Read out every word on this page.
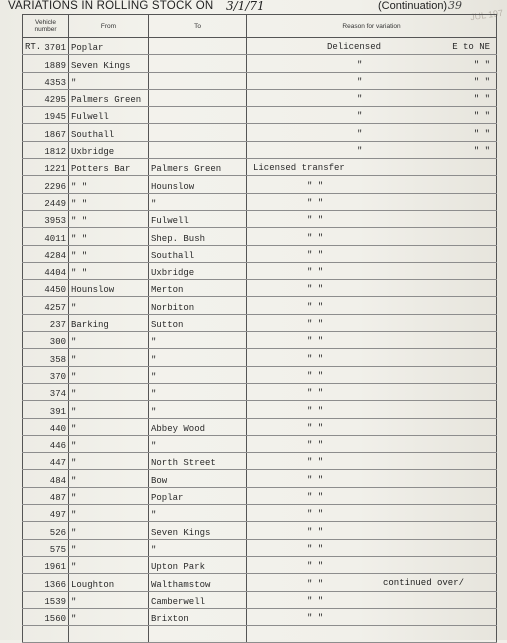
VARIATIONS IN ROLLING STOCK ON 3/1/71	(Continuation) 39
JUL 197
Vehicle number	From	To	Reason for variation

RT. 3701	Poplar		Delicensed E to NE

1889	Seven Kings		" " "

4353	"		" " "

4295	Palmers Green		" " "

1945	Fulwell		" " "

1867	Southall		" " "

1812	Uxbridge		" " "

1221	Potters Bar	Palmers Green	Licensed transfer

2296	" "	Hounslow	" "

2449	" "	"	" "

3953	" "	Fulwell	" "

4011	" "	Shep. Bush	" "

4284	" "	Southall	" "

4404	" "	Uxbridge	" "

4450	Hounslow	Merton	" "

4257	"	Norbiton	" "

237	Barking	Sutton	" "

300	"	"	" "

358	"	"	" "

370	"	"	" "

374	"	"	" "

391	"	"	" "

440	"	Abbey Wood	" "

446	"	"	" "

447	"	North Street	" "

484	"	Bow	" "

487	"	Poplar	" "

497	"	"	" "

526	"	Seven Kings	" "

575	"	"	" "

1961	"	Upton Park	" "

1366	Loughton	Walthamstow	" "

1539	"	Camberwell	" "

1560	"	Brixton	" "

continued over/
